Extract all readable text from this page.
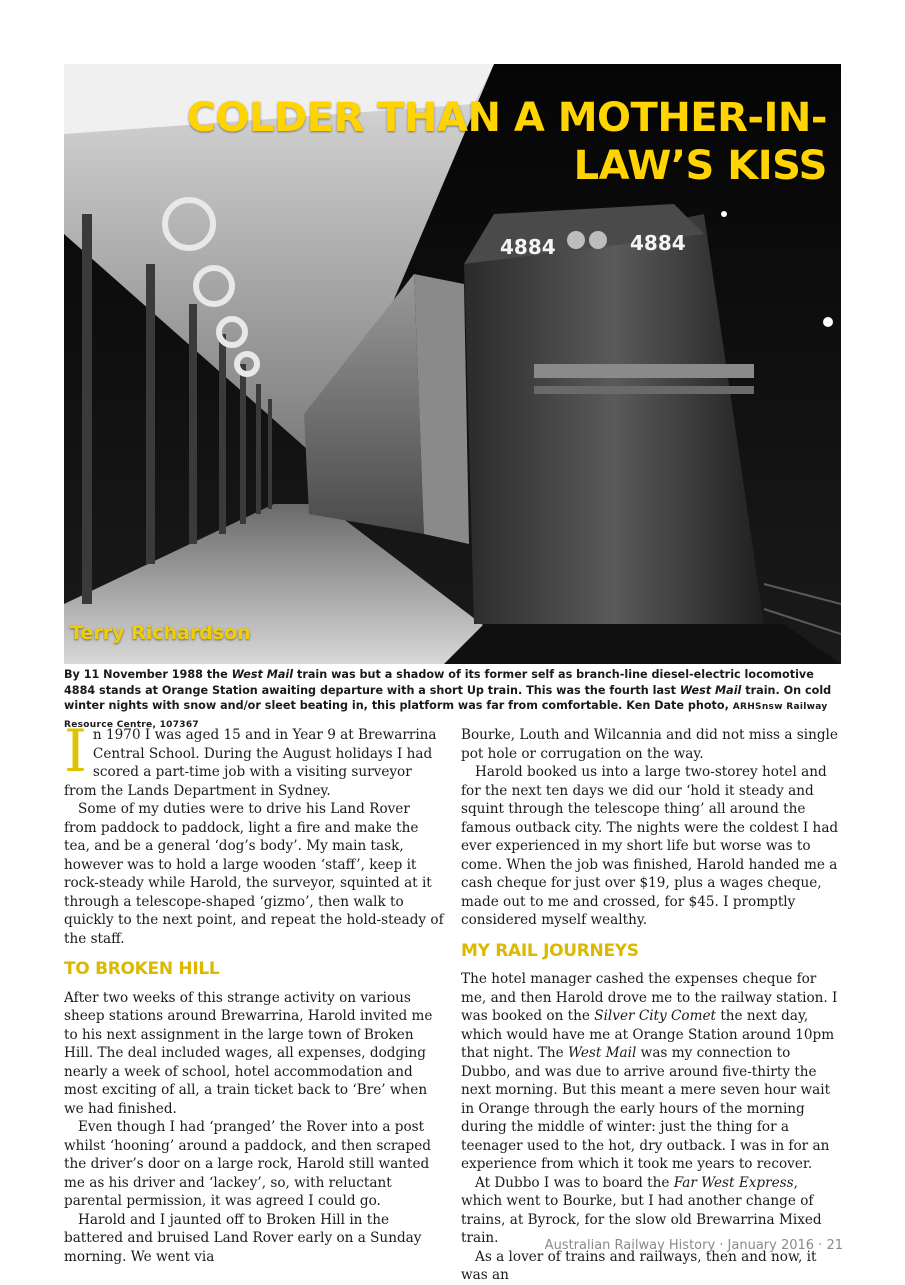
4884	4884
COLDER THAN A MOTHER-IN-LAW’S KISS
Terry Richardson
By 11 November 1988 the West Mail train was but a shadow of its former self as branch-line diesel-electric locomotive 4884 stands at Orange Station awaiting departure with a short Up train. This was the fourth last West Mail train. On cold winter nights with snow and/or sleet beating in, this platform was far from comfortable. Ken Date photo, ARHSnsw Railway Resource Centre, 107367

In 1970 I was aged 15 and in Year 9 at Brewarrina Central School. During the August holidays I had scored a part-time job with a visiting surveyor from the Lands Department in Sydney.

Some of my duties were to drive his Land Rover from paddock to paddock, light a fire and make the tea, and be a general ‘dog’s body’. My main task, however was to hold a large wooden ‘staff’, keep it rock-steady while Harold, the surveyor, squinted at it through a telescope-shaped ‘gizmo’, then walk to quickly to the next point, and repeat the hold-steady of the staff.

TO BROKEN HILL

After two weeks of this strange activity on various sheep stations around Brewarrina, Harold invited me to his next assignment in the large town of Broken Hill. The deal included wages, all expenses, dodging nearly a week of school, hotel accommodation and most exciting of all, a train ticket back to ‘Bre’ when we had finished.

Even though I had ‘pranged’ the Rover into a post whilst ‘hooning’ around a paddock, and then scraped the driver’s door on a large rock, Harold still wanted me as his driver and ‘lackey’, so, with reluctant parental permission, it was agreed I could go.

Harold and I jaunted off to Broken Hill in the battered and bruised Land Rover early on a Sunday morning. We went via

Bourke, Louth and Wilcannia and did not miss a single pot hole or corrugation on the way.

Harold booked us into a large two-storey hotel and for the next ten days we did our ‘hold it steady and squint through the telescope thing’ all around the famous outback city. The nights were the coldest I had ever experienced in my short life but worse was to come. When the job was finished, Harold handed me a cash cheque for just over $19, plus a wages cheque, made out to me and crossed, for $45. I promptly considered myself wealthy.

MY RAIL JOURNEYS

The hotel manager cashed the expenses cheque for me, and then Harold drove me to the railway station. I was booked on the Silver City Comet the next day, which would have me at Orange Station around 10pm that night. The West Mail was my connection to Dubbo, and was due to arrive around five-thirty the next morning. But this meant a mere seven hour wait in Orange through the early hours of the morning during the middle of winter: just the thing for a teenager used to the hot, dry outback. I was in for an experience from which it took me years to recover.

At Dubbo I was to board the Far West Express, which went to Bourke, but I had another change of trains, at Byrock, for the slow old Brewarrina Mixed train.

As a lover of trains and railways, then and now, it was an

Australian Railway History · January 2016 · 21
